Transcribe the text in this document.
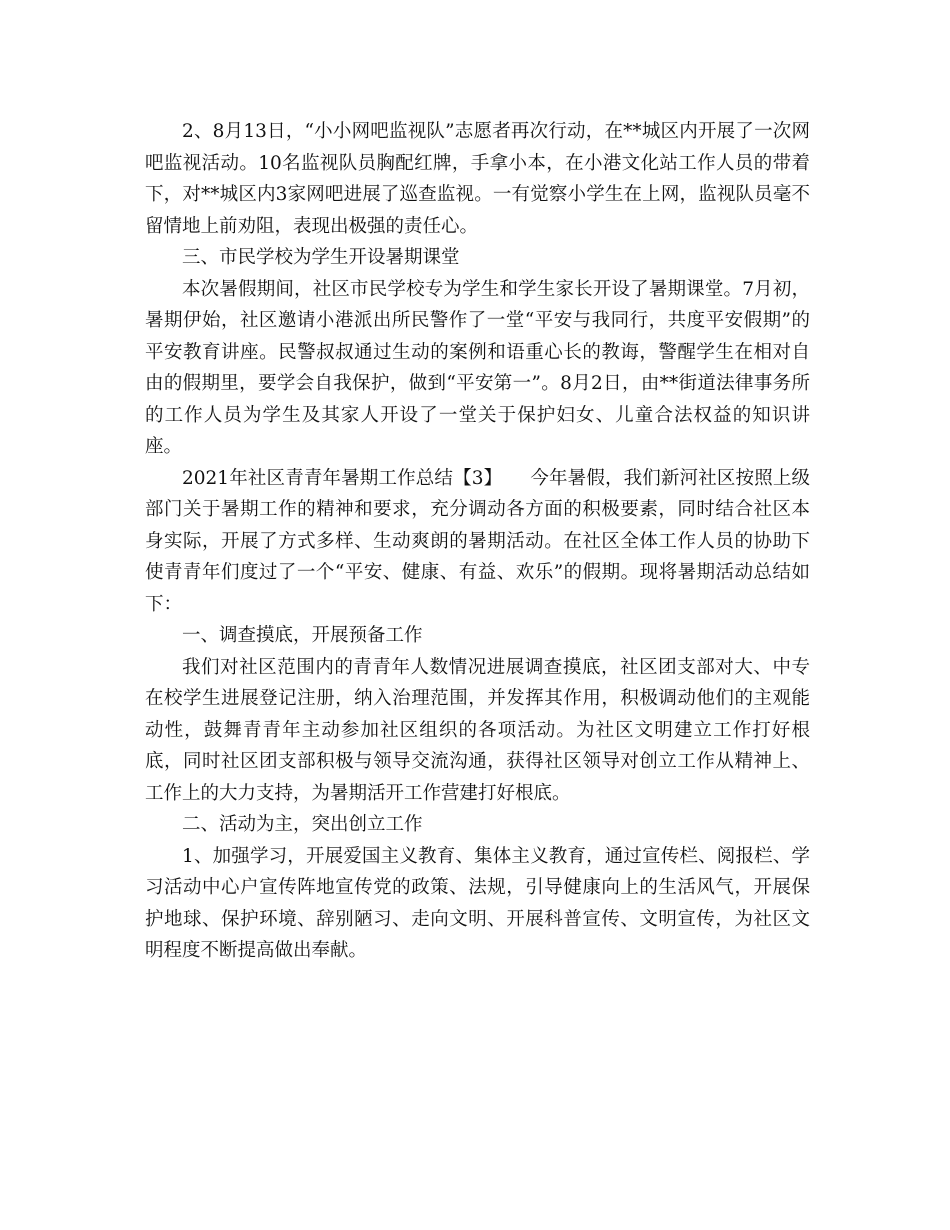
2、8月13日，“小小网吧监视队”志愿者再次行动，在**城区内开展了一次网吧监视活动。10名监视队员胸配红牌，手拿小本，在小港文化站工作人员的带着下，对**城区内3家网吧进展了巡查监视。一有觉察小学生在上网，监视队员毫不留情地上前劝阻，表现出极强的责任心。

三、市民学校为学生开设暑期课堂

本次暑假期间，社区市民学校专为学生和学生家长开设了暑期课堂。7月初，暑期伊始，社区邀请小港派出所民警作了一堂“平安与我同行，共度平安假期”的平安教育讲座。民警叔叔通过生动的案例和语重心长的教诲，警醒学生在相对自由的假期里，要学会自我保护，做到“平安第一”。8月2日，由**街道法律事务所的工作人员为学生及其家人开设了一堂关于保护妇女、儿童合法权益的知识讲座。

2021年社区青青年暑期工作总结【3】　　今年暑假，我们新河社区按照上级部门关于暑期工作的精神和要求，充分调动各方面的积极要素，同时结合社区本身实际，开展了方式多样、生动爽朗的暑期活动。在社区全体工作人员的协助下使青青年们度过了一个“平安、健康、有益、欢乐”的假期。现将暑期活动总结如下：

一、调查摸底，开展预备工作

我们对社区范围内的青青年人数情况进展调查摸底，社区团支部对大、中专在校学生进展登记注册，纳入治理范围，并发挥其作用，积极调动他们的主观能动性，鼓舞青青年主动参加社区组织的各项活动。为社区文明建立工作打好根底，同时社区团支部积极与领导交流沟通，获得社区领导对创立工作从精神上、工作上的大力支持，为暑期活开工作营建打好根底。

二、活动为主，突出创立工作

1、加强学习，开展爱国主义教育、集体主义教育，通过宣传栏、阅报栏、学习活动中心户宣传阵地宣传党的政策、法规，引导健康向上的生活风气，开展保护地球、保护环境、辞别陋习、走向文明、开展科普宣传、文明宣传，为社区文明程度不断提高做出奉献。
